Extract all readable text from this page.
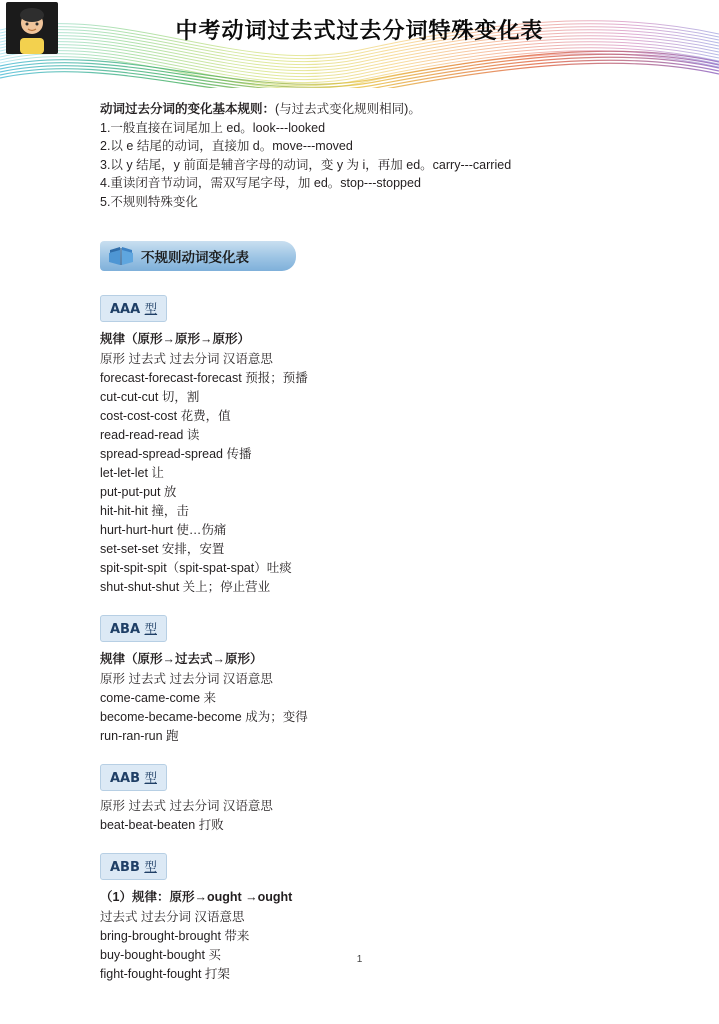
中考动词过去式过去分词特殊变化表
动词过去分词的变化基本规则：(与过去式变化规则相同)。
1.一般直接在词尾加上 ed。look---looked
2.以 e 结尾的动词，直接加 d。move---moved
3.以 y 结尾，y 前面是辅音字母的动词，变 y 为 i，再加 ed。carry---carried
4.重读闭音节动词，需双写尾字母，加 ed。stop---stopped
5.不规则特殊变化
不规则动词变化表
AAA 型
规律（原形→原形→原形）
原形 过去式 过去分词 汉语意思
forecast-forecast-forecast 预报；预播
cut-cut-cut 切，割
cost-cost-cost 花费，值
read-read-read 读
spread-spread-spread 传播
let-let-let 让
put-put-put 放
hit-hit-hit 撞，击
hurt-hurt-hurt 使…伤痛
set-set-set 安排，安置
spit-spit-spit（spit-spat-spat）吐痰
shut-shut-shut 关上；停止营业
ABA 型
规律（原形→过去式→原形）
原形 过去式 过去分词 汉语意思
come-came-come 来
become-became-become 成为；变得
run-ran-run 跑
AAB 型
原形 过去式 过去分词 汉语意思
beat-beat-beaten 打败
ABB 型
（1）规律：原形→ought →ought
过去式 过去分词 汉语意思
bring-brought-brought 带来
buy-bought-bought 买
fight-fought-fought 打架
1
